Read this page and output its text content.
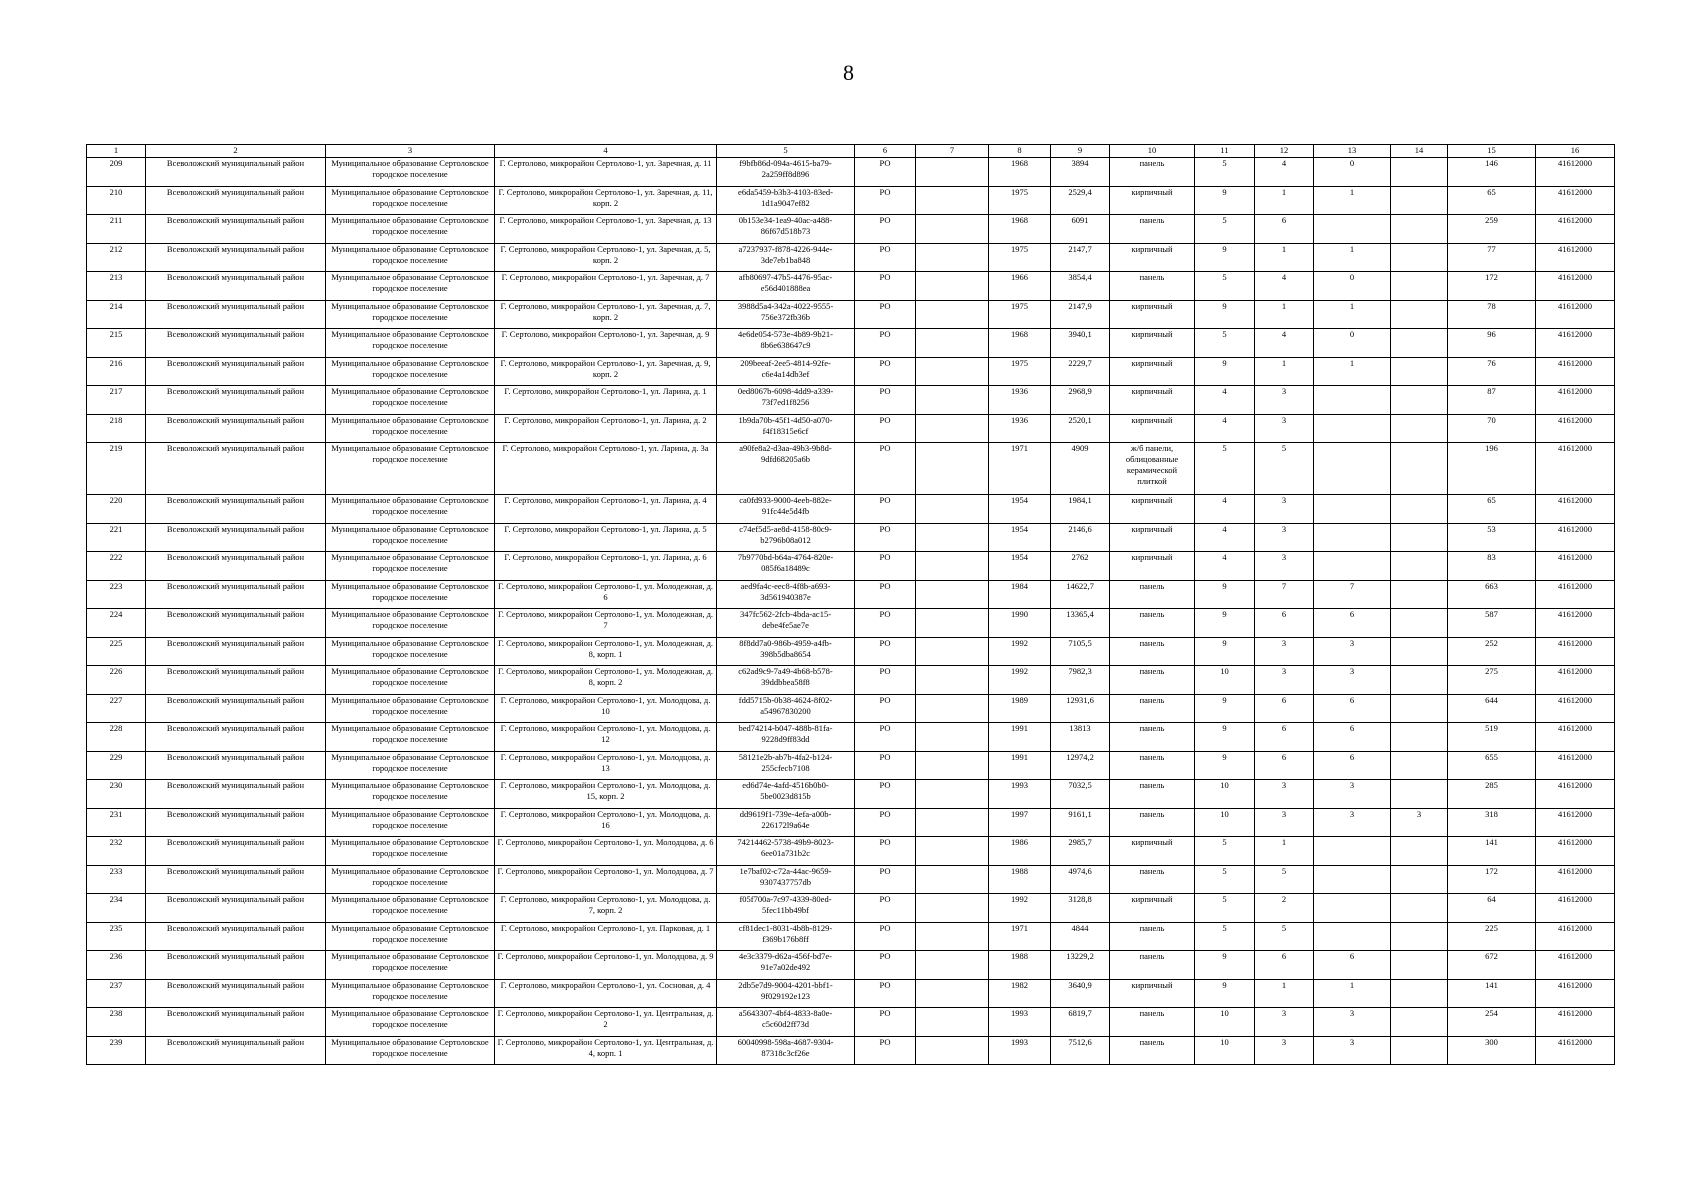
8
1	2	3	4	5	6	7	8	9	10	11	12	13	14	15	16
209	Всеволожский муниципальный район	Муниципальное образование Сертоловское городское поселение	Г. Сертолово, микрорайон Сертолово-1, ул. Заречная, д. 11	f9bfb86d-094a-4615-ba79-2a259ff8d896	РО		1968	3894	панель	5	4	0		146	41612000
210	Всеволожский муниципальный район	Муниципальное образование Сертоловское городское поселение	Г. Сертолово, микрорайон Сертолово-1, ул. Заречная, д. 11, корп. 2	e6da5459-b3b3-4103-83ed-1d1a9047ef82	РО		1975	2529,4	кирпичный	9	1	1		65	41612000
211	Всеволожский муниципальный район	Муниципальное образование Сертоловское городское поселение	Г. Сертолово, микрорайон Сертолово-1, ул. Заречная, д. 13	0b153e34-1ea9-40ac-a488-86f67d518b73	РО		1968	6091	панель	5	6			259	41612000
212	Всеволожский муниципальный район	Муниципальное образование Сертоловское городское поселение	Г. Сертолово, микрорайон Сертолово-1, ул. Заречная, д. 5, корп. 2	a7237937-f878-4226-944e-3de7eb1ba848	РО		1975	2147,7	кирпичный	9	1	1		77	41612000
213	Всеволожский муниципальный район	Муниципальное образование Сертоловское городское поселение	Г. Сертолово, микрорайон Сертолово-1, ул. Заречная, д. 7	afb80697-47b5-4476-95ac-e56d401888ea	РО		1966	3854,4	панель	5	4	0		172	41612000
214	Всеволожский муниципальный район	Муниципальное образование Сертоловское городское поселение	Г. Сертолово, микрорайон Сертолово-1, ул. Заречная, д. 7, корп. 2	3988d5a4-342a-4022-9555-756e372fb36b	РО		1975	2147,9	кирпичный	9	1	1		78	41612000
215	Всеволожский муниципальный район	Муниципальное образование Сертоловское городское поселение	Г. Сертолово, микрорайон Сертолово-1, ул. Заречная, д. 9	4e6de054-573e-4b89-9b21-8b6e638647c9	РО		1968	3940,1	кирпичный	5	4	0		96	41612000
216	Всеволожский муниципальный район	Муниципальное образование Сертоловское городское поселение	Г. Сертолово, микрорайон Сертолово-1, ул. Заречная, д. 9, корп. 2	209beeaf-2ee5-4814-92fe-c6e4a14db3ef	РО		1975	2229,7	кирпичный	9	1	1		76	41612000
217	Всеволожский муниципальный район	Муниципальное образование Сертоловское городское поселение	Г. Сертолово, микрорайон Сертолово-1, ул. Ларина, д. 1	0ed8067b-6098-4dd9-a339-73f7ed1f8256	РО		1936	2968,9	кирпичный	4	3			87	41612000
218	Всеволожский муниципальный район	Муниципальное образование Сертоловское городское поселение	Г. Сертолово, микрорайон Сертолово-1, ул. Ларина, д. 2	1b9da70b-45f1-4d50-a070-f4f18315e6cf	РО		1936	2520,1	кирпичный	4	3			70	41612000
219	Всеволожский муниципальный район	Муниципальное образование Сертоловское городское поселение	Г. Сертолово, микрорайон Сертолово-1, ул. Ларина, д. 3а	a90fe8a2-d3aa-49b3-9b8d-9dfd68205a6b	РО		1971	4909	ж/б панели, облицованные керамической плиткой	5	5			196	41612000
220	Всеволожский муниципальный район	Муниципальное образование Сертоловское городское поселение	Г. Сертолово, микрорайон Сертолово-1, ул. Ларина, д. 4	ca0fd933-9000-4eeb-882e-91fc44e5d4fb	РО		1954	1984,1	кирпичный	4	3			65	41612000
221	Всеволожский муниципальный район	Муниципальное образование Сертоловское городское поселение	Г. Сертолово, микрорайон Сертолово-1, ул. Ларина, д. 5	c74ef5d5-ae8d-4158-80c9-b2796b08a012	РО		1954	2146,6	кирпичный	4	3			53	41612000
222	Всеволожский муниципальный район	Муниципальное образование Сертоловское городское поселение	Г. Сертолово, микрорайон Сертолово-1, ул. Ларина, д. 6	7b9770bd-b64a-4764-820e-085f6a18489c	РО		1954	2762	кирпичный	4	3			83	41612000
223	Всеволожский муниципальный район	Муниципальное образование Сертоловское городское поселение	Г. Сертолово, микрорайон Сертолово-1, ул. Молодежная, д. 6	aed9fa4c-eec8-4f8b-a693-3d561940387e	РО		1984	14622,7	панель	9	7	7		663	41612000
224	Всеволожский муниципальный район	Муниципальное образование Сертоловское городское поселение	Г. Сертолово, микрорайон Сертолово-1, ул. Молодежная, д. 7	347fc562-2fcb-4bda-ac15-debe4fe5ae7e	РО		1990	13365,4	панель	9	6	6		587	41612000
225	Всеволожский муниципальный район	Муниципальное образование Сертоловское городское поселение	Г. Сертолово, микрорайон Сертолово-1, ул. Молодежная, д. 8, корп. 1	8f8dd7a0-986b-4959-a4fb-398b5dba8654	РО		1992	7105,5	панель	9	3	3		252	41612000
226	Всеволожский муниципальный район	Муниципальное образование Сертоловское городское поселение	Г. Сертолово, микрорайон Сертолово-1, ул. Молодежная, д. 8, корп. 2	c62ad9c9-7a49-4b68-b578-39ddbbea58f8	РО		1992	7982,3	панель	10	3	3		275	41612000
227	Всеволожский муниципальный район	Муниципальное образование Сертоловское городское поселение	Г. Сертолово, микрорайон Сертолово-1, ул. Молодцова, д. 10	fdd5715b-0b38-4624-8f02-a54967830200	РО		1989	12931,6	панель	9	6	6		644	41612000
228	Всеволожский муниципальный район	Муниципальное образование Сертоловское городское поселение	Г. Сертолово, микрорайон Сертолово-1, ул. Молодцова, д. 12	bed74214-b047-488b-81fa-9228d9ff83dd	РО		1991	13813	панель	9	6	6		519	41612000
229	Всеволожский муниципальный район	Муниципальное образование Сертоловское городское поселение	Г. Сертолово, микрорайон Сертолово-1, ул. Молодцова, д. 13	58121e2b-ab7b-4fa2-b124-255cfecb7108	РО		1991	12974,2	панель	9	6	6		655	41612000
230	Всеволожский муниципальный район	Муниципальное образование Сертоловское городское поселение	Г. Сертолово, микрорайон Сертолово-1, ул. Молодцова, д. 15, корп. 2	ed6d74e-4afd-4516b0b0-5be0023d815b	РО		1993	7032,5	панель	10	3	3		285	41612000
231	Всеволожский муниципальный район	Муниципальное образование Сертоловское городское поселение	Г. Сертолово, микрорайон Сертолово-1, ул. Молодцова, д. 16	dd9619f1-739e-4efa-a00b-226172l9a64e	РО		1997	9161,1	панель	10	3	3	3	318	41612000
232	Всеволожский муниципальный район	Муниципальное образование Сертоловское городское поселение	Г. Сертолово, микрорайон Сертолово-1, ул. Молодцова, д. 6	74214462-5738-49b9-8023-6ee01a731b2c	РО		1986	2985,7	кирпичный	5	1			141	41612000
233	Всеволожский муниципальный район	Муниципальное образование Сертоловское городское поселение	Г. Сертолово, микрорайон Сертолово-1, ул. Молодцова, д. 7	1e7baf02-c72a-44ac-9659-9307437757db	РО		1988	4974,6	панель	5	5			172	41612000
234	Всеволожский муниципальный район	Муниципальное образование Сертоловское городское поселение	Г. Сертолово, микрорайон Сертолово-1, ул. Молодцова, д. 7, корп. 2	f05f700a-7c97-4339-80ed-5fec11bb49bf	РО		1992	3128,8	кирпичный	5	2			64	41612000
235	Всеволожский муниципальный район	Муниципальное образование Сертоловское городское поселение	Г. Сертолово, микрорайон Сертолово-1, ул. Парковая, д. 1	cf81dec1-8031-4b8b-8129-f369b176b8ff	РО		1971	4844	панель	5	5			225	41612000
236	Всеволожский муниципальный район	Муниципальное образование Сертоловское городское поселение	Г. Сертолово, микрорайон Сертолово-1, ул. Молодцова, д. 9	4e3c3379-d62a-456f-bd7e-91e7a02de492	РО		1988	13229,2	панель	9	6	6		672	41612000
237	Всеволожский муниципальный район	Муниципальное образование Сертоловское городское поселение	Г. Сертолово, микрорайон Сертолово-1, ул. Сосновая, д. 4	2db5e7d9-9004-4201-bbf1-9f029192e123	РО		1982	3640,9	кирпичный	9	1	1		141	41612000
238	Всеволожский муниципальный район	Муниципальное образование Сертоловское городское поселение	Г. Сертолово, микрорайон Сертолово-1, ул. Центральная, д. 2	a5643307-4bf4-4833-8a0e-c5c60d2ff73d	РО		1993	6819,7	панель	10	3	3		254	41612000
239	Всеволожский муниципальный район	Муниципальное образование Сертоловское городское поселение	Г. Сертолово, микрорайон Сертолово-1, ул. Центральная, д. 4, корп. 1	60040998-598a-4687-9304-87318c3cf26e	РО		1993	7512,6	панель	10	3	3		300	41612000
